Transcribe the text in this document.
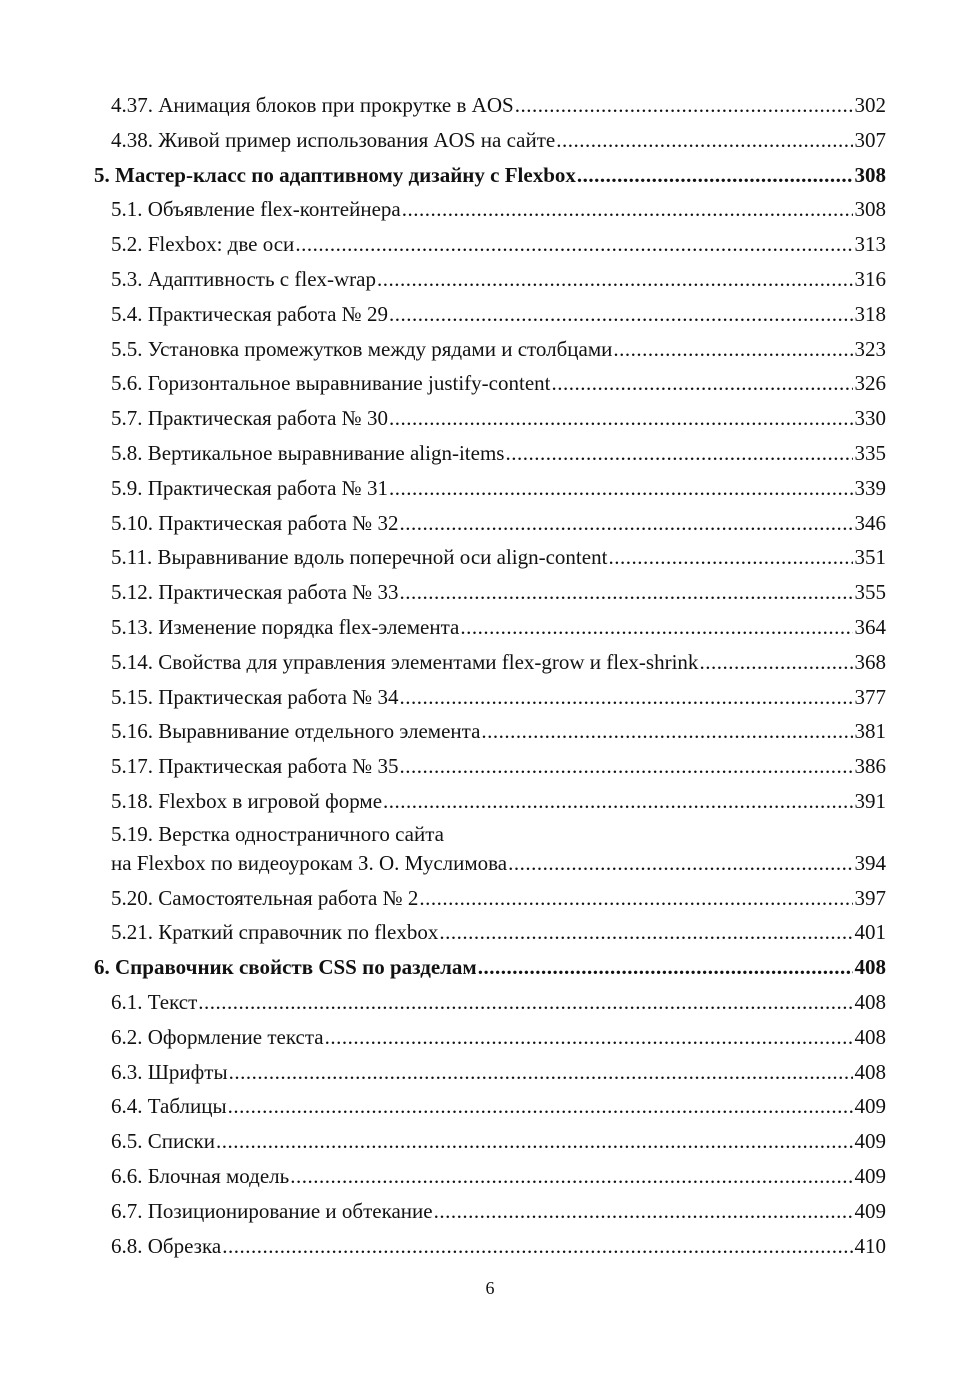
4.37. Анимация блоков при прокрутке в AOS .....	302
4.38. Живой пример использования AOS на сайте .....	307
5. Мастер-класс по адаптивному дизайну с Flexbox .....	308
5.1. Объявление flex-контейнера .....	308
5.2. Flexbox: две оси .....	313
5.3. Адаптивность с flex-wrap .....	316
5.4. Практическая работа № 29 .....	318
5.5. Установка промежутков между рядами и столбцами .....	323
5.6. Горизонтальное выравнивание justify-content .....	326
5.7. Практическая работа № 30 .....	330
5.8. Вертикальное выравнивание align-items .....	335
5.9. Практическая работа № 31 .....	339
5.10. Практическая работа № 32 .....	346
5.11. Выравнивание вдоль поперечной оси align-content .....	351
5.12. Практическая работа № 33 .....	355
5.13. Изменение порядка flex-элемента .....	364
5.14. Свойства для управления элементами flex-grow и flex-shrink .....	368
5.15. Практическая работа № 34 .....	377
5.16. Выравнивание отдельного элемента .....	381
5.17. Практическая работа № 35 .....	386
5.18. Flexbox в игровой форме .....	391
5.19. Верстка одностраничного сайта
на Flexbox по видеоурокам З. О. Муслимова .....	394
5.20. Самостоятельная работа № 2 .....	397
5.21. Краткий справочник по flexbox .....	401
6. Справочник свойств CSS по разделам .....	408
6.1. Текст .....	408
6.2. Оформление текста .....	408
6.3. Шрифты .....	408
6.4. Таблицы .....	409
6.5. Списки .....	409
6.6. Блочная модель .....	409
6.7. Позиционирование и обтекание .....	409
6.8. Обрезка .....	410
6
